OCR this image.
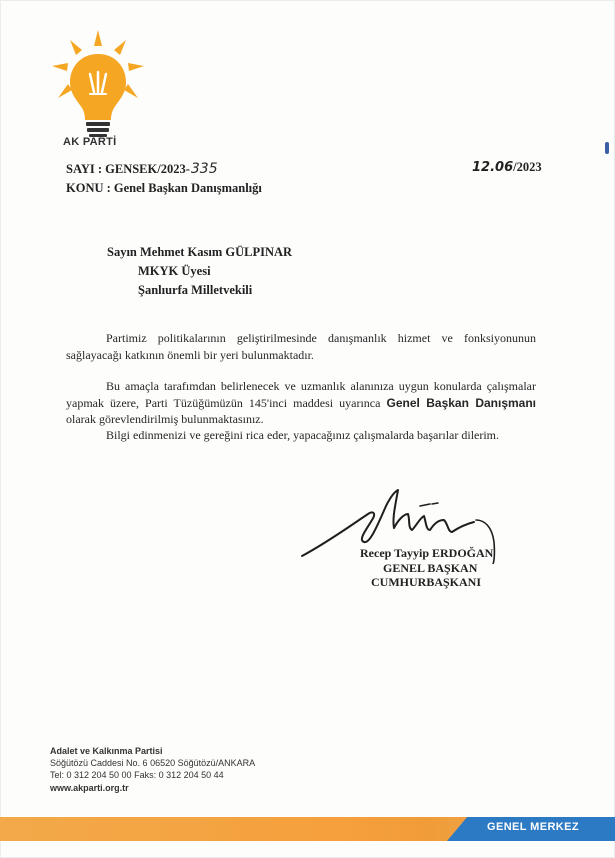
AK PARTİ
SAYI : GENSEK/2023-335
KONU : Genel Başkan Danışmanlığı
12.06/2023
Sayın Mehmet Kasım GÜLPINAR
MKYK Üyesi
Şanlıurfa Milletvekili
Partimiz politikalarının geliştirilmesinde danışmanlık hizmet ve fonksiyonunun sağlayacağı katkının önemli bir yeri bulunmaktadır.
Bu amaçla tarafımdan belirlenecek ve uzmanlık alanınıza uygun konularda çalışmalar yapmak üzere, Parti Tüzüğümüzün 145'inci maddesi uyarınca Genel Başkan Danışmanı olarak görevlendirilmiş bulunmaktasınız.
Bilgi edinmenizi ve gereğini rica eder, yapacağınız çalışmalarda başarılar dilerim.
Recep Tayyip ERDOĞAN
GENEL BAŞKAN
CUMHURBAŞKANI
Adalet ve Kalkınma Partisi
Söğütözü Caddesi No. 6 06520 Söğütözü/ANKARA
Tel: 0 312 204 50 00 Faks: 0 312 204 50 44
www.akparti.org.tr
GENEL MERKEZ
